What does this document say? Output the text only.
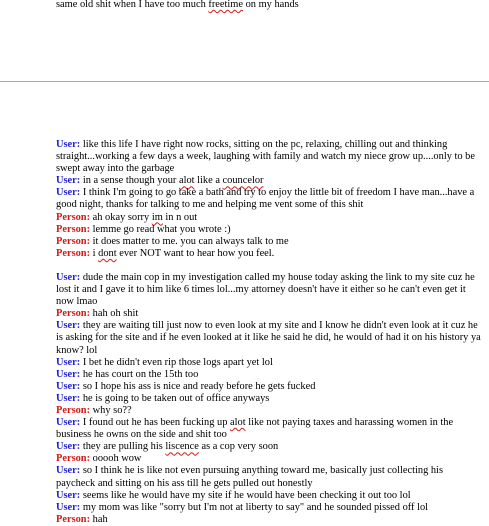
same old shit when I have too much freetime on my hands
User: like this life I have right now rocks, sitting on the pc, relaxing, chilling out and thinking straight...working a few days a week, laughing with family and watch my niece grow up....only to be swept away into the garbage
User: in a sense though your alot like a councelor
User: I think I'm going to go take a bath and try to enjoy the little bit of freedom I have man...have a good night, thanks for talking to me and helping me vent some of this shit
Person: ah okay sorry im in n out
Person: lemme go read what you wrote :)
Person: it does matter to me. you can always talk to me
Person: i dont ever NOT want to hear how you feel.
User: dude the main cop in my investigation called my house today asking the link to my site cuz he lost it and I gave it to him like 6 times lol...my attorney doesn't have it either so he can't even get it now lmao
Person: hah oh shit
User: they are waiting till just now to even look at my site and I know he didn't even look at it cuz he is asking for the site and if he even looked at it like he said he did, he would of had it on his history ya know? lol
User: I bet he didn't even rip those logs apart yet lol
User: he has court on the 15th too
User: so I hope his ass is nice and ready before he gets fucked
User: he is going to be taken out of office anyways
Person: why so??
User: I found out he has been fucking up alot like not paying taxes and harassing women in the business he owns on the side and shit too
User: they are pulling his liscence as a cop very soon
Person: ooooh wow
User: so I think he is like not even pursuing anything toward me, basically just collecting his paycheck and sitting on his ass till he gets pulled out honestly
User: seems like he would have my site if he would have been checking it out too lol
User: my mom was like "sorry but I'm not at liberty to say" and he sounded pissed off lol
Person: hah
